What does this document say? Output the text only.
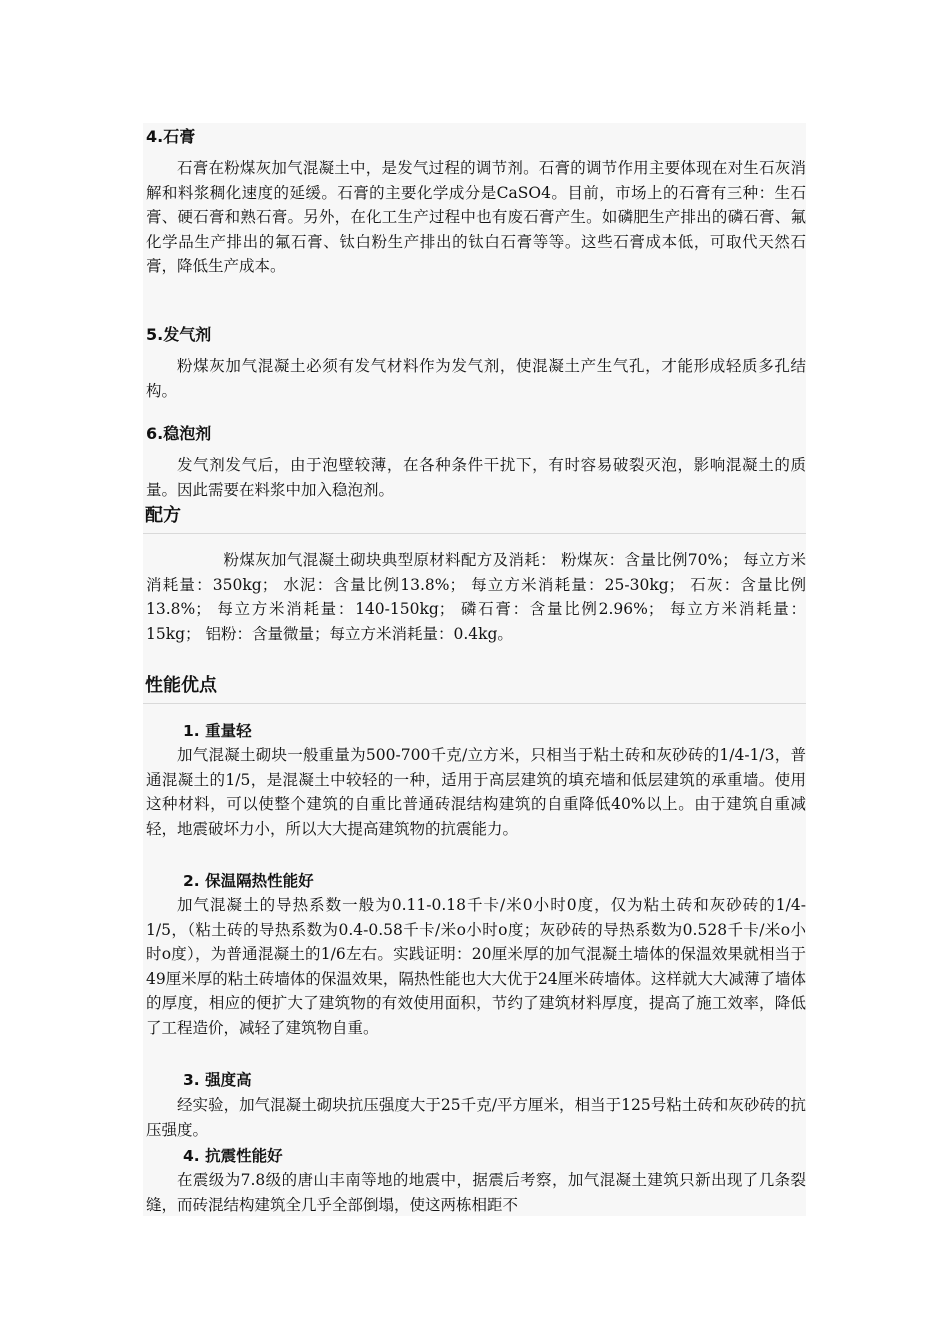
4.石膏
石膏在粉煤灰加气混凝土中，是发气过程的调节剂。石膏的调节作用主要体现在对生石灰消解和料浆稠化速度的延缓。石膏的主要化学成分是CaSO4。目前，市场上的石膏有三种：生石膏、硬石膏和熟石膏。另外，在化工生产过程中也有废石膏产生。如磷肥生产排出的磷石膏、氟化学品生产排出的氟石膏、钛白粉生产排出的钛白石膏等等。这些石膏成本低，可取代天然石膏，降低生产成本。
5.发气剂
粉煤灰加气混凝土必须有发气材料作为发气剂，使混凝土产生气孔，才能形成轻质多孔结构。
6.稳泡剂
发气剂发气后，由于泡壁较薄，在各种条件干扰下，有时容易破裂灭泡，影响混凝土的质量。因此需要在料浆中加入稳泡剂。
配方
粉煤灰加气混凝土砌块典型原材料配方及消耗： 粉煤灰：含量比例70%； 每立方米消耗量：350kg； 水泥：含量比例13.8%； 每立方米消耗量：25-30kg； 石灰：含量比例13.8%； 每立方米消耗量：140-150kg； 磷石膏：含量比例2.96%； 每立方米消耗量：15kg； 铝粉：含量微量；每立方米消耗量：0.4kg。
性能优点
1. 重量轻
加气混凝土砌块一般重量为500-700千克/立方米，只相当于粘土砖和灰砂砖的1/4-1/3，普通混凝土的1/5，是混凝土中较轻的一种，适用于高层建筑的填充墙和低层建筑的承重墙。使用这种材料，可以使整个建筑的自重比普通砖混结构建筑的自重降低40%以上。由于建筑自重减轻，地震破坏力小，所以大大提高建筑物的抗震能力。
2. 保温隔热性能好
加气混凝土的导热系数一般为0.11-0.18千卡/米0小时0度，仅为粘土砖和灰砂砖的1/4-1/5，（粘土砖的导热系数为0.4-0.58千卡/米o小时o度；灰砂砖的导热系数为0.528千卡/米o小时o度），为普通混凝土的1/6左右。实践证明：20厘米厚的加气混凝土墙体的保温效果就相当于49厘米厚的粘土砖墙体的保温效果，隔热性能也大大优于24厘米砖墙体。这样就大大减薄了墙体的厚度，相应的便扩大了建筑物的有效使用面积，节约了建筑材料厚度，提高了施工效率，降低了工程造价，减轻了建筑物自重。
3. 强度高
经实验，加气混凝土砌块抗压强度大于25千克/平方厘米，相当于125号粘土砖和灰砂砖的抗压强度。
4. 抗震性能好
在震级为7.8级的唐山丰南等地的地震中，据震后考察，加气混凝土建筑只新出现了几条裂缝，而砖混结构建筑全几乎全部倒塌，使这两栋相距不
